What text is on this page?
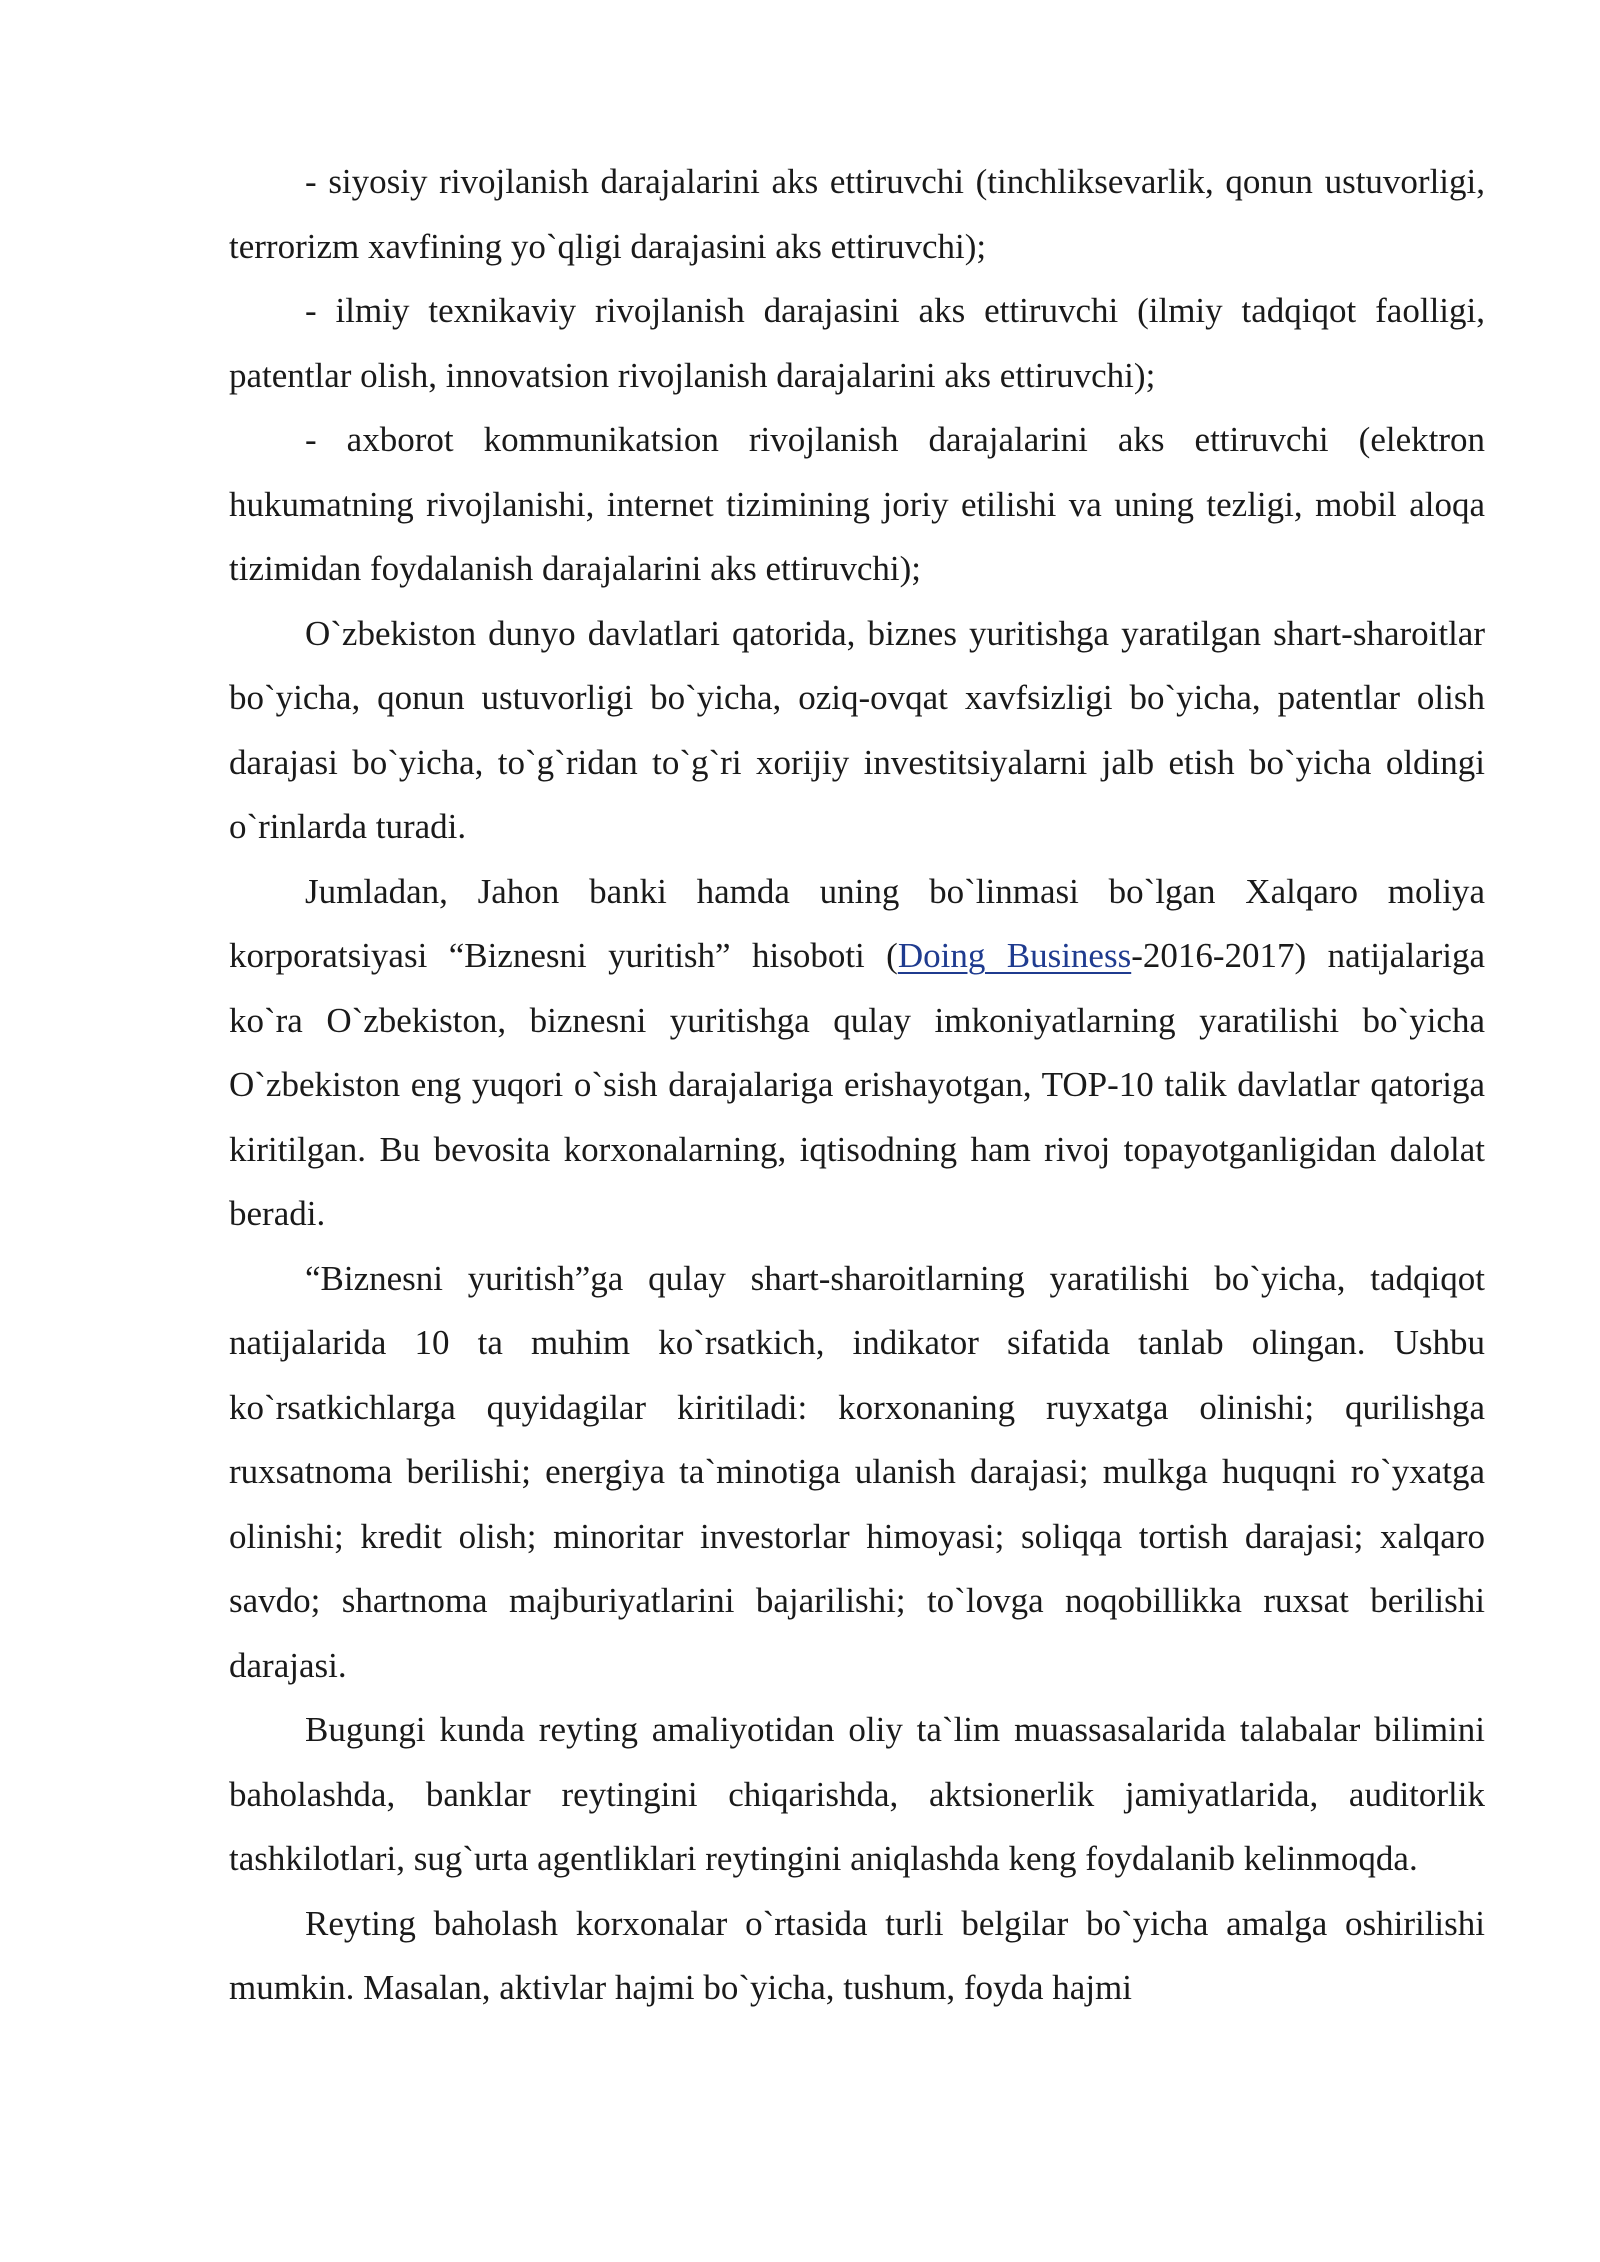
- siyosiy rivojlanish darajalarini aks ettiruvchi (tinchliksevarlik, qonun ustuvorligi, terrorizm xavfining yo`qligi darajasini aks ettiruvchi);

- ilmiy texnikaviy rivojlanish darajasini aks ettiruvchi (ilmiy tadqiqot faolligi, patentlar olish, innovatsion rivojlanish darajalarini aks ettiruvchi);

- axborot kommunikatsion rivojlanish darajalarini aks ettiruvchi (elektron hukumatning rivojlanishi, internet tizimining joriy etilishi va uning tezligi, mobil aloqa tizimidan foydalanish darajalarini aks ettiruvchi);

O`zbekiston dunyo davlatlari qatorida, biznes yuritishga yaratilgan shart-sharoitlar bo`yicha, qonun ustuvorligi bo`yicha, oziq-ovqat xavfsizligi bo`yicha, patentlar olish darajasi bo`yicha, to`g`ridan to`g`ri xorijiy investitsiyalarni jalb etish bo`yicha oldingi o`rinlarda turadi.

Jumladan, Jahon banki hamda uning bo`linmasi bo`lgan Xalqaro moliya korporatsiyasi “Biznesni yuritish” hisoboti (Doing Business-2016-2017) natijalariga ko`ra O`zbekiston, biznesni yuritishga qulay imkoniyatlarning yaratilishi bo`yicha O`zbekiston eng yuqori o`sish darajalariga erishayotgan, TOP-10 talik davlatlar qatoriga kiritilgan. Bu bevosita korxonalarning, iqtisodning ham rivoj topayotganligidan dalolat beradi.

“Biznesni yuritish”ga qulay shart-sharoitlarning yaratilishi bo`yicha, tadqiqot natijalarida 10 ta muhim ko`rsatkich, indikator sifatida tanlab olingan. Ushbu ko`rsatkichlarga quyidagilar kiritiladi: korxonaning ruyxatga olinishi; qurilishga ruxsatnoma berilishi; energiya ta`minotiga ulanish darajasi; mulkga huquqni ro`yxatga olinishi; kredit olish; minoritar investorlar himoyasi; soliqqa tortish darajasi; xalqaro savdo; shartnoma majburiyatlarini bajarilishi; to`lovga noqobillikka ruxsat berilishi darajasi.

Bugungi kunda reyting amaliyotidan oliy ta`lim muassasalarida talabalar bilimini baholashda, banklar reytingini chiqarishda, aktsionerlik jamiyatlarida, auditorlik tashkilotlari, sug`urta agentliklari reytingini aniqlashda keng foydalanib kelinmoqda.

Reyting baholash korxonalar o`rtasida turli belgilar bo`yicha amalga oshirilishi mumkin. Masalan, aktivlar hajmi bo`yicha, tushum, foyda hajmi
